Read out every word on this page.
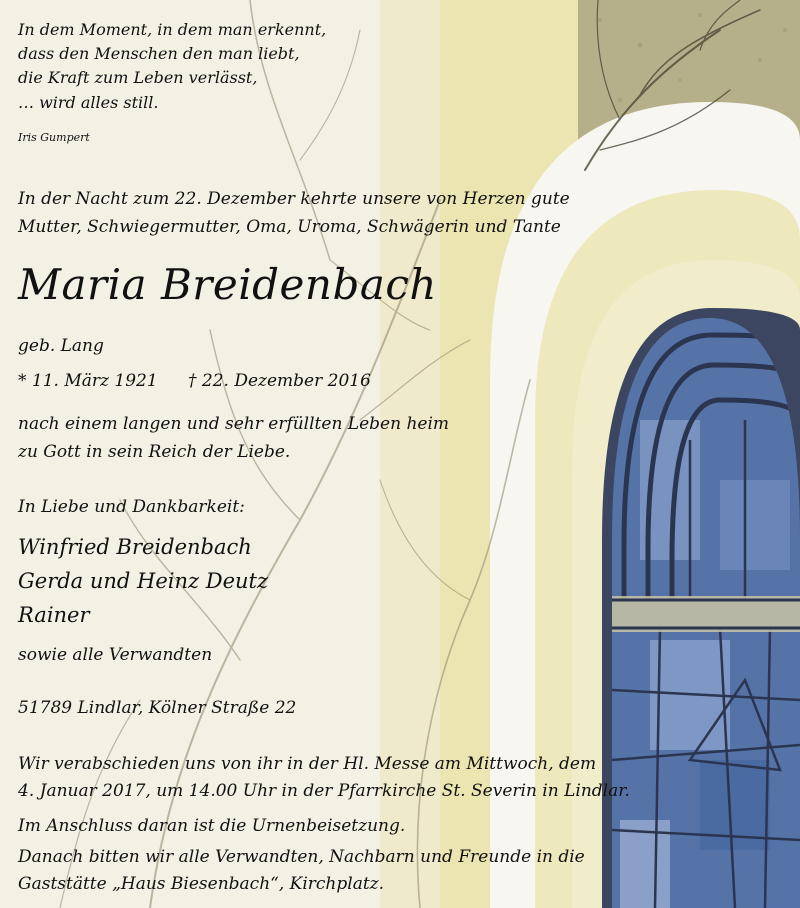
In dem Moment, in dem man erkennt,
dass den Menschen den man liebt,
die Kraft zum Leben verlässt,
… wird alles still.
Iris Gumpert
In der Nacht zum 22. Dezember kehrte unsere von Herzen gute
Mutter, Schwiegermutter, Oma, Uroma, Schwägerin und Tante
Maria Breidenbach
geb. Lang
* 11. März 1921 † 22. Dezember 2016
nach einem langen und sehr erfüllten Leben heim
zu Gott in sein Reich der Liebe.
In Liebe und Dankbarkeit:
Winfried Breidenbach
Gerda und Heinz Deutz
Rainer
sowie alle Verwandten
51789 Lindlar, Kölner Straße 22
Wir verabschieden uns von ihr in der Hl. Messe am Mittwoch, dem
4. Januar 2017, um 14.00 Uhr in der Pfarrkirche St. Severin in Lindlar.
Im Anschluss daran ist die Urnenbeisetzung.
Danach bitten wir alle Verwandten, Nachbarn und Freunde in die
Gaststätte „Haus Biesenbach“, Kirchplatz.
